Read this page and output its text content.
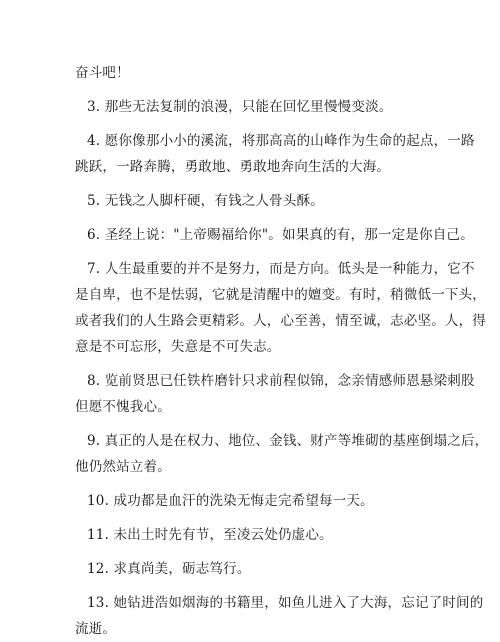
奋斗吧！
3. 那些无法复制的浪漫，只能在回忆里慢慢变淡。
4. 愿你像那小小的溪流，将那高高的山峰作为生命的起点，一路
跳跃，一路奔腾，勇敢地、勇敢地奔向生活的大海。
5. 无钱之人脚杆硬，有钱之人骨头酥。
6. 圣经上说："上帝赐福给你"。如果真的有，那一定是你自己。
7. 人生最重要的并不是努力，而是方向。低头是一种能力，它不
是自卑，也不是怯弱，它就是清醒中的嬗变。有时，稍微低一下头，
或者我们的人生路会更精彩。人，心至善，情至诚，志必坚。人，得
意是不可忘形，失意是不可失志。
8. 览前贤思已任铁杵磨针只求前程似锦，念亲情感师恩悬梁刺股
但愿不愧我心。
9. 真正的人是在权力、地位、金钱、财产等堆砌的基座倒塌之后，
他仍然站立着。
10. 成功都是血汗的洗染无悔走完希望每一天。
11. 未出土时先有节，至凌云处仍虚心。
12. 求真尚美，砺志笃行。
13. 她钻进浩如烟海的书籍里，如鱼儿进入了大海，忘记了时间的
流逝。
